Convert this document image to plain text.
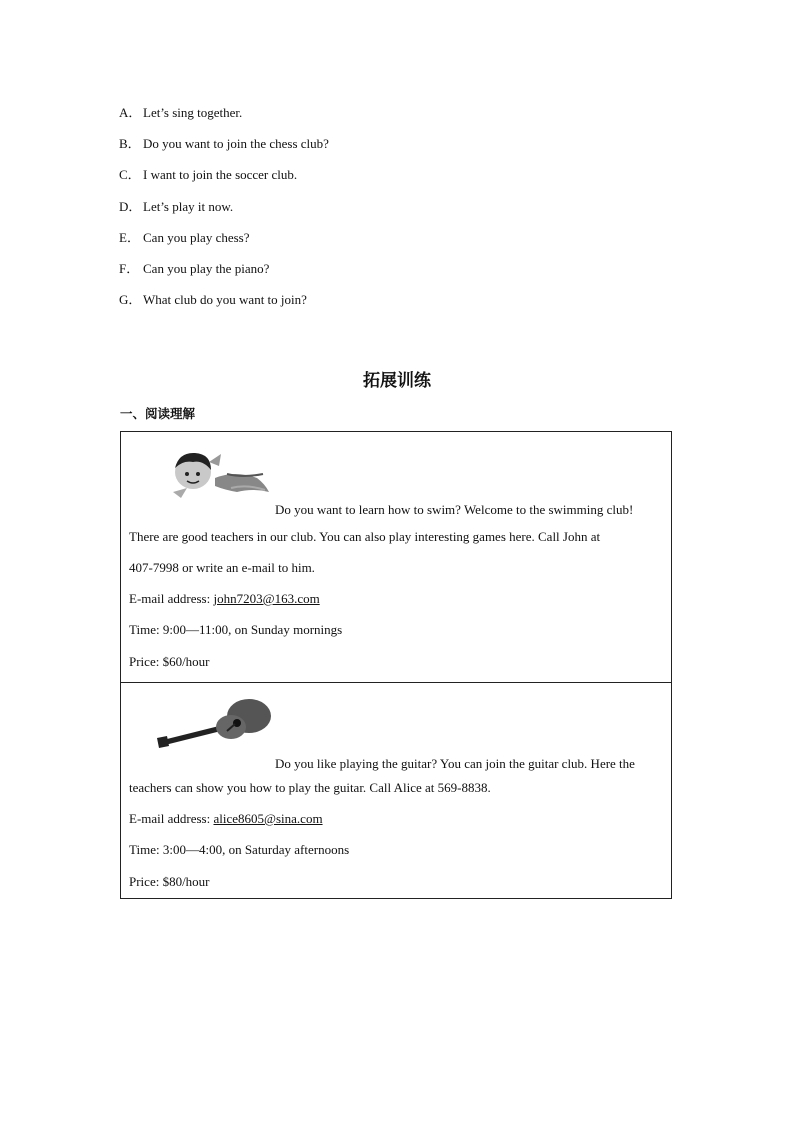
A． Let’s sing together.
B． Do you want to join the chess club?
C． I want to join the soccer club.
D． Let’s play it now.
E． Can you play chess?
F． Can you play the piano?
G． What club do you want to join?
拓展训练
一、阅读理解
Do you want to learn how to swim? Welcome to the swimming club!
There are good teachers in our club. You can also play interesting games here. Call John at
407-7998 or write an e-mail to him.
E-mail address: john7203@163.com
Time: 9:00—11:00, on Sunday mornings
Price: $60/hour
Do you like playing the guitar? You can join the guitar club. Here the
teachers can show you how to play the guitar. Call Alice at 569-8838.
E-mail address: alice8605@sina.com
Time: 3:00—4:00, on Saturday afternoons
Price: $80/hour
